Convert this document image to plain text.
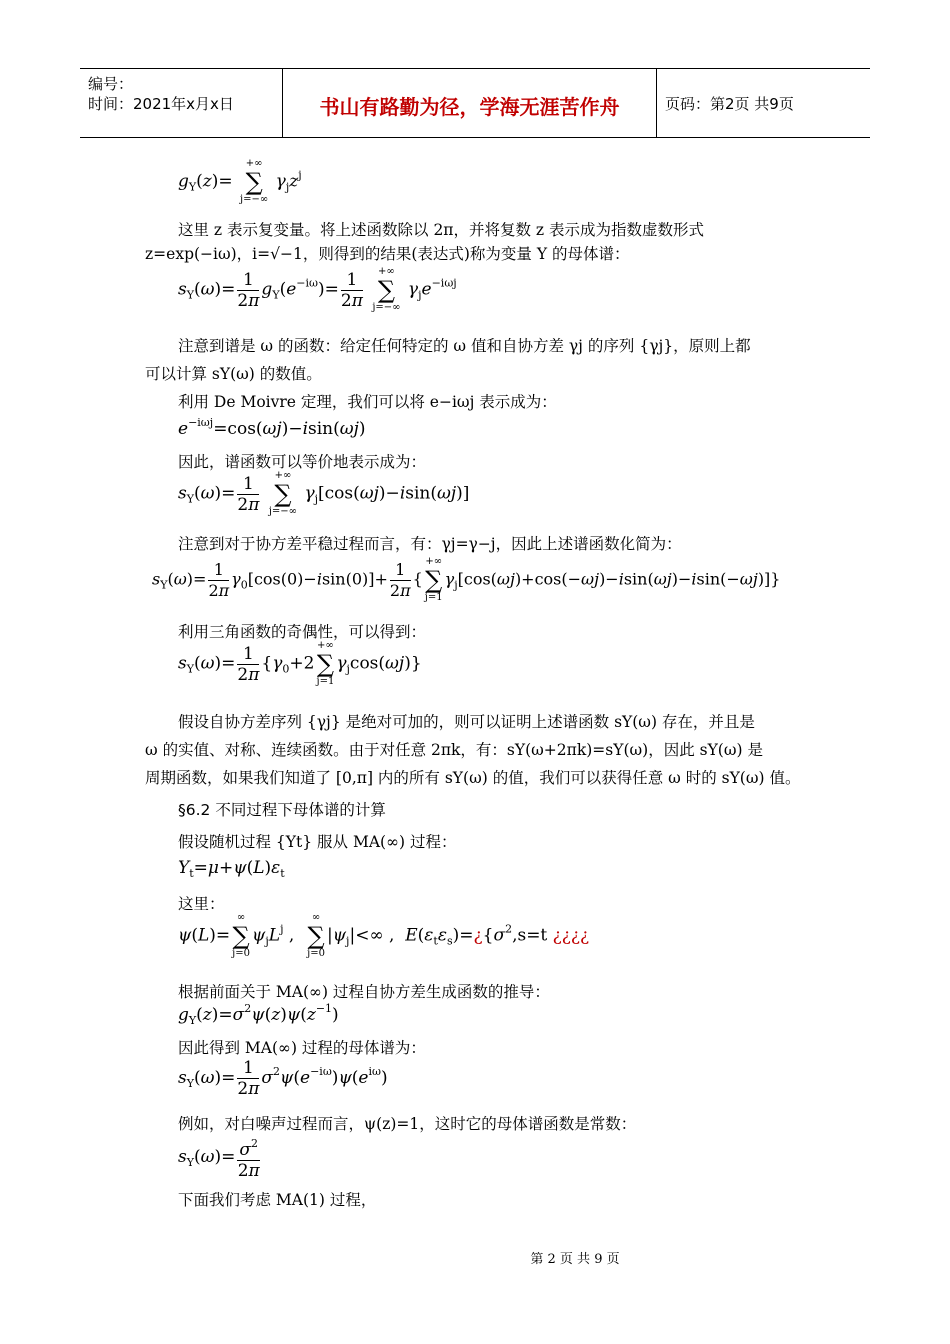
编号：
时间：2021年x月x日	书山有路勤为径，学海无涯苦作舟	页码：第2页 共9页
$g_Y(z)=$
+∞
∑
j=−∞
$\gamma_jz^j$
这里 z 表示复变量。将上述函数除以 2π，并将复数 z 表示成为指数虚数形式
z=exp(−iω)，i=√−1，则得到的结果(表达式)称为变量 Y 的母体谱：
$s_Y(\omega)= \frac{1}{2\pi} g_Y(e^{-i\omega})= \frac{1}{2\pi}$
	+∞
∑
j=−∞
$\gamma_je^{-i\omega j}$
注意到谱是 ω 的函数：给定任何特定的 ω 值和自协方差 γj 的序列 {γj}，原则上都
可以计算 sY(ω) 的数值。
利用 De Moivre 定理，我们可以将 e−iωj 表示成为：
$e^{-i\omega j}=\cos(\omega j)-isin(\omega j)$
因此，谱函数可以等价地表示成为：
$s_Y(\omega)= \frac{1}{2\pi}$
	+∞
∑
j=−∞
$\gamma_j[\cos(\omega j)-isin(\omega j)]$
注意到对于协方差平稳过程而言，有：γj=γ−j，因此上述谱函数化简为：
$s_Y(\omega)= \frac{1}{2\pi} \gamma_0[\cos(0)-isin(0)]+ \frac{1}{2\pi}$ {
+∞
∑
j=1
$\gamma_j[\cos(\omega j)+\cos(-\omega j)-isin(\omega j)-isin(-\omega j)]$}
利用三角函数的奇偶性，可以得到：
$s_Y(\omega)= \frac{1}{2\pi} \{\gamma_0+2$
+∞
∑
j=1
$\gamma_j\cos(\omega j)$}
假设自协方差序列 {γj} 是绝对可加的，则可以证明上述谱函数 sY(ω) 存在，并且是
ω 的实值、对称、连续函数。由于对任意 2πk，有：sY(ω+2πk)=sY(ω)，因此 sY(ω) 是
周期函数，如果我们知道了 [0,π] 内的所有 sY(ω) 的值，我们可以获得任意 ω 时的 sY(ω) 值。
§6.2 不同过程下母体谱的计算
假设随机过程 {Yt} 服从 MA(∞) 过程：
$Y_t=\mu+\psi(L)\varepsilon_t$
这里：
ψ(L)=
∞
∑
j=0
$\psi_jL^j$ ,
∞
∑
j=0
$|\psi_j|<\infty$ ,  $E(\varepsilon_t\varepsilon_s)=¿\{\sigma^2,s=t$ ¿¿¿¿
根据前面关于 MA(∞) 过程自协方差生成函数的推导：
$g_Y(z)=\sigma^2\psi(z)\psi(z^{-1})$
因此得到 MA(∞) 过程的母体谱为：
$s_Y(\omega)= \frac{1}{2\pi} \sigma^2\psi(e^{-i\omega})\psi(e^{i\omega})$
例如，对白噪声过程而言，ψ(z)=1，这时它的母体谱函数是常数：
$s_Y(\omega)= \frac{\sigma^2}{2\pi}$
下面我们考虑 MA(1) 过程，
第 2 页 共 9 页
